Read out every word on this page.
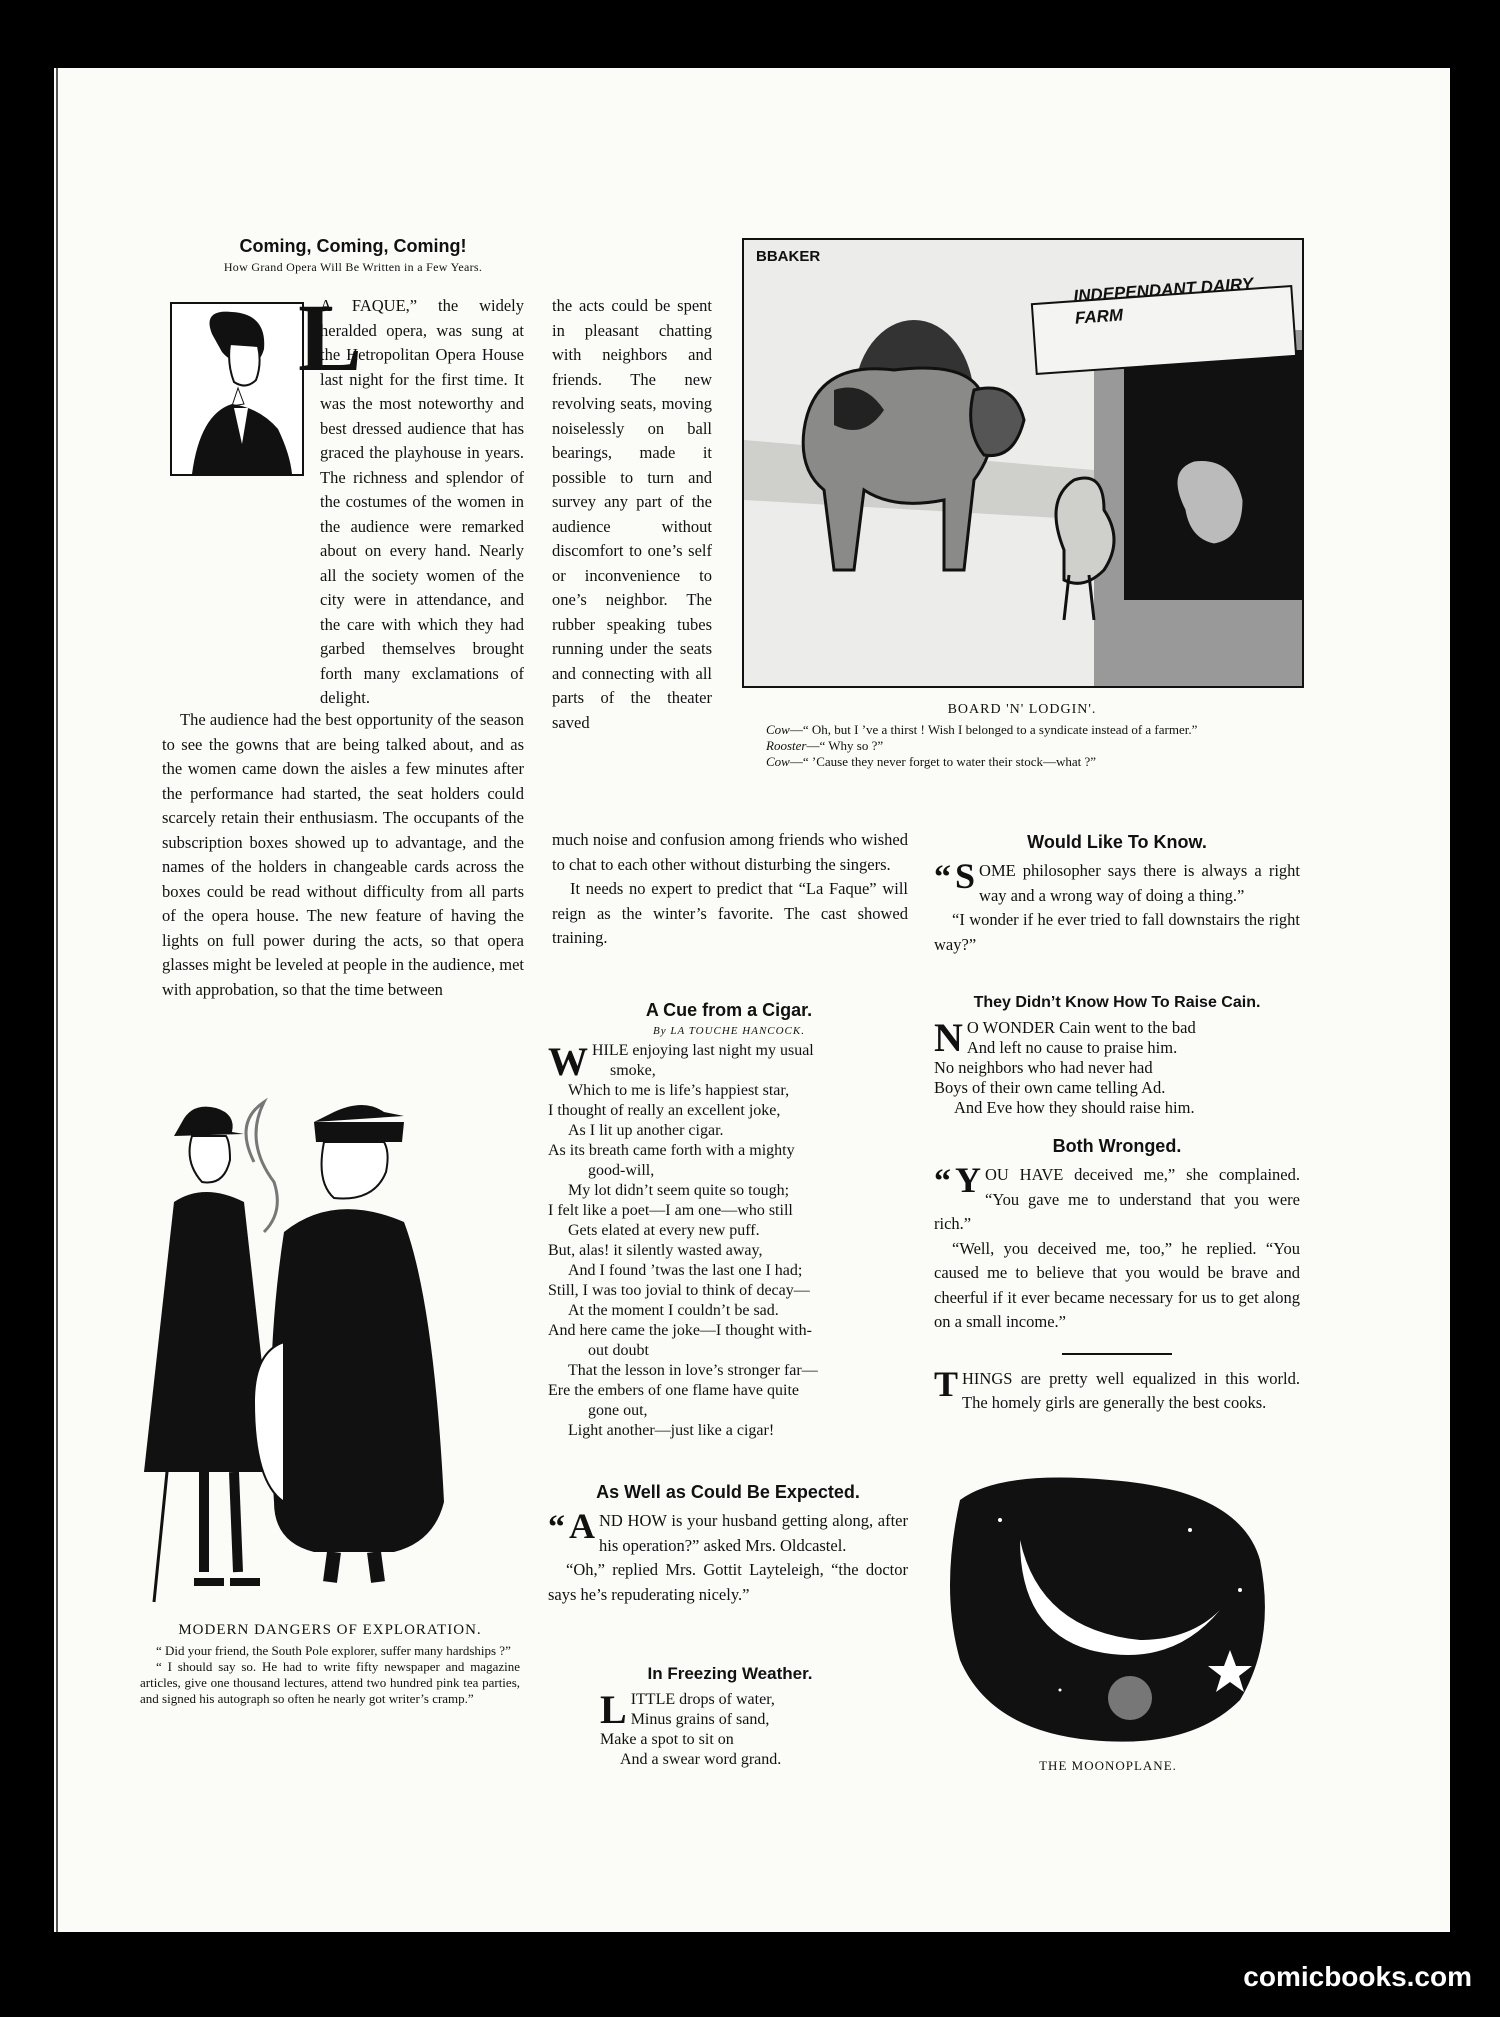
Coming, Coming, Coming!
How Grand Opera Will Be Written in a Few Years.
L

A FAQUE,” the widely heralded opera, was sung at the Hetropolitan Opera House last night for the first time. It was the most noteworthy and best dressed audience that has graced the playhouse in years. The richness and splendor of the costumes of the women in the audience were remarked about on every hand. Nearly all the society women of the city were in attendance, and the care with which they had garbed themselves brought forth many exclamations of delight.

The audience had the best opportunity of the season to see the gowns that are being talked about, and as the women came down the aisles a few minutes after the performance had started, the seat holders could scarcely retain their enthusiasm. The occupants of the subscription boxes showed up to advantage, and the names of the holders in changeable cards across the boxes could be read without difficulty from all parts of the opera house. The new feature of having the lights on full power during the acts, so that opera glasses might be leveled at people in the audience, met with approbation, so that the time between

the acts could be spent in pleasant chatting with neighbors and friends. The new revolving seats, moving noiselessly on ball bearings, made it possible to turn and survey any part of the audience without discomfort to one’s self or inconvenience to one’s neighbor. The rubber speaking tubes running under the seats and connecting with all parts of the theater saved

much noise and confusion among friends who wished to chat to each other without disturbing the singers.

It needs no expert to predict that “La Faque” will reign as the winter’s favorite. The cast showed training.

INDEPENDANT DAIRY FARM
BBAKER
BOARD 'N' LODGIN'.
Cow—“ Oh, but I ’ve a thirst ! Wish I belonged to a syndicate instead of a farmer.”
Rooster—“ Why so ?”
Cow—“ ’Cause they never forget to water their stock—what ?”
MODERN DANGERS OF EXPLORATION.
“ Did your friend, the South Pole explorer, suffer many hardships ?”
“ I should say so. He had to write fifty newspaper and magazine articles, give one thousand lectures, attend two hundred pink tea parties, and signed his autograph so often he nearly got writer’s cramp.”
A Cue from a Cigar.
By LA TOUCHE HANCOCK.
W HILE enjoying last night my usual
smoke,
Which to me is life’s happiest star,
I thought of really an excellent joke,
As I lit up another cigar.
As its breath came forth with a mighty
good-will,
My lot didn’t seem quite so tough;
I felt like a poet—I am one—who still
Gets elated at every new puff.
But, alas! it silently wasted away,
And I found ’twas the last one I had;
Still, I was too jovial to think of decay—
At the moment I couldn’t be sad.
And here came the joke—I thought with-
out doubt
That the lesson in love’s stronger far—
Ere the embers of one flame have quite
gone out,
Light another—just like a cigar!
As Well as Could Be Expected.

“ A ND HOW is your husband getting along, after his operation?” asked Mrs. Oldcastel.

“Oh,” replied Mrs. Gottit Layteleigh, “the doctor says he’s repuderating nicely.”

In Freezing Weather.
L ITTLE drops of water,
Minus grains of sand,
Make a spot to sit on
And a swear word grand.
Would Like To Know.

“ S OME philosopher says there is always a right way and a wrong way of doing a thing.”

“I wonder if he ever tried to fall downstairs the right way?”

They Didn’t Know How To Raise Cain.
N O WONDER Cain went to the bad
And left no cause to praise him.
No neighbors who had never had
Boys of their own came telling Ad.
And Eve how they should raise him.
Both Wronged.

“ Y OU HAVE deceived me,” she complained. “You gave me to understand that you were rich.”

“Well, you deceived me, too,” he replied. “You caused me to believe that you would be brave and cheerful if it ever became necessary for us to get along on a small income.”

THINGS are pretty well equalized in this world. The homely girls are generally the best cooks.

THE MOONOPLANE.
comicbooks.com
